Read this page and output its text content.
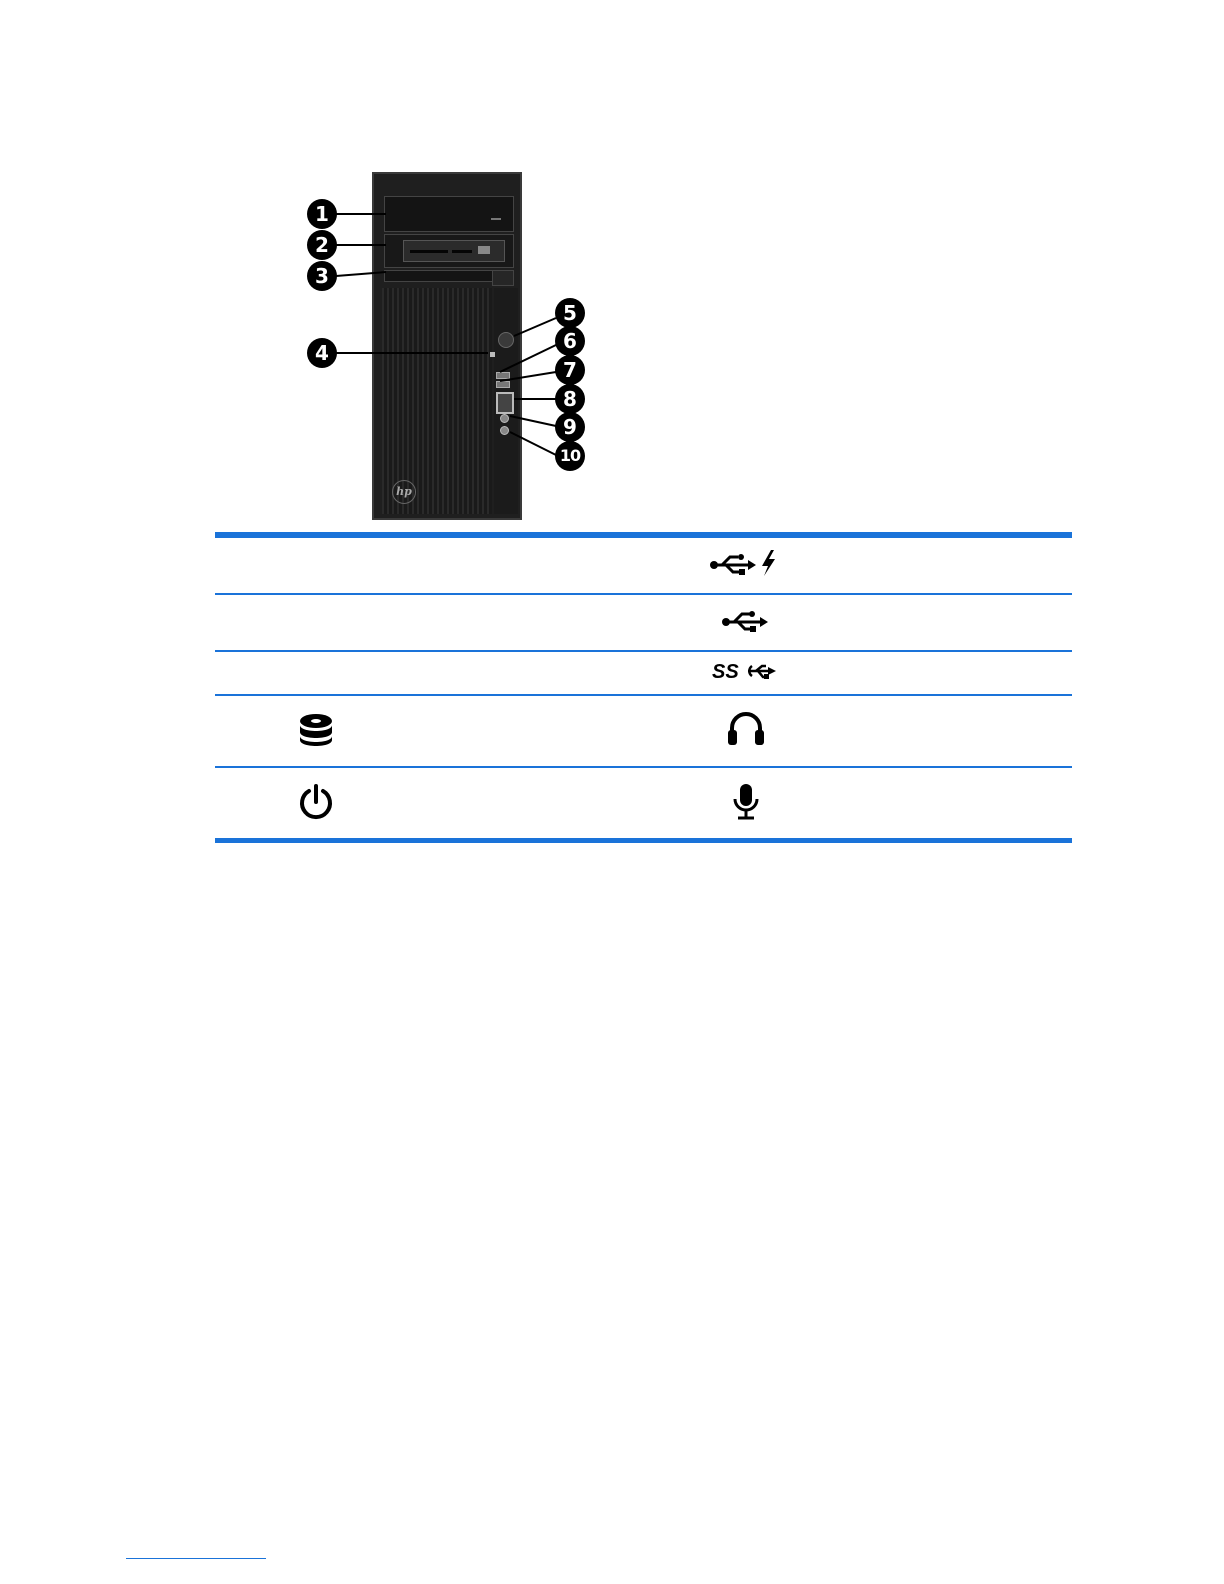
hp
1
2
3
4
5
6
7
8
9
10
SS
